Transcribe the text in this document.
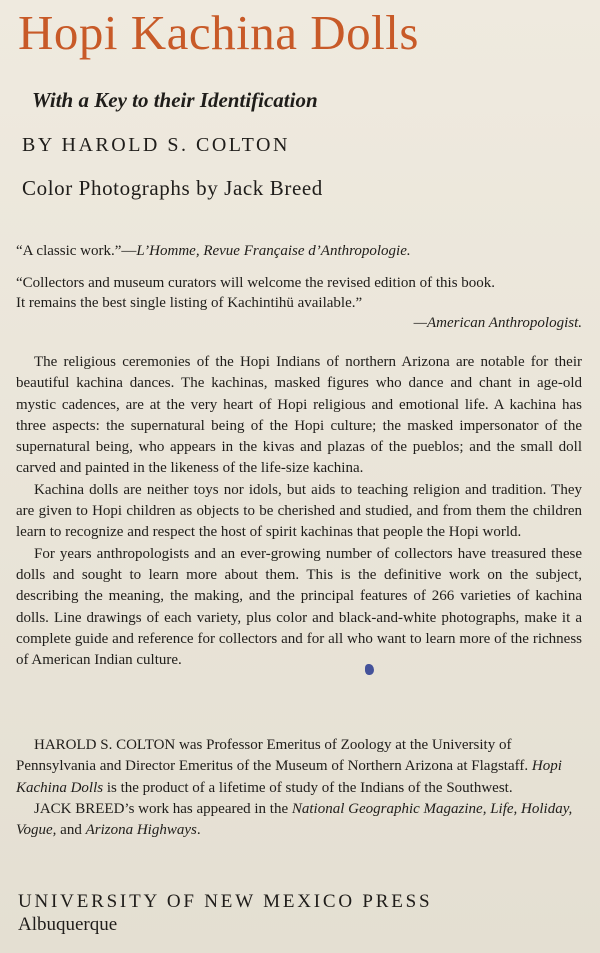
Hopi Kachina Dolls
With a Key to their Identification
BY HAROLD S. COLTON
Color Photographs by Jack Breed
“A classic work.”—L’Homme, Revue Française d’Anthropologie.
“Collectors and museum curators will welcome the revised edition of this book.
It remains the best single listing of Kachintihü available.”
—American Anthropologist.

The religious ceremonies of the Hopi Indians of northern Arizona are notable for their beautiful kachina dances. The kachinas, masked figures who dance and chant in age-old mystic cadences, are at the very heart of Hopi religious and emotional life. A kachina has three aspects: the supernatural being of the Hopi culture; the masked impersonator of the supernatural being, who appears in the kivas and plazas of the pueblos; and the small doll carved and painted in the likeness of the life-size kachina.

Kachina dolls are neither toys nor idols, but aids to teaching religion and tradition. They are given to Hopi children as objects to be cherished and studied, and from them the children learn to recognize and respect the host of spirit kachinas that people the Hopi world.

For years anthropologists and an ever-growing number of collectors have treasured these dolls and sought to learn more about them. This is the definitive work on the subject, describing the meaning, the making, and the principal features of 266 varieties of kachina dolls. Line drawings of each variety, plus color and black-and-white photographs, make it a complete guide and reference for collectors and for all who want to learn more of the richness of American Indian culture.

HAROLD S. COLTON was Professor Emeritus of Zoology at the University of Pennsylvania and Director Emeritus of the Museum of Northern Arizona at Flagstaff. Hopi Kachina Dolls is the product of a lifetime of study of the Indians of the Southwest.

JACK BREED’s work has appeared in the National Geographic Magazine, Life, Holiday, Vogue, and Arizona Highways.

UNIVERSITY OF NEW MEXICO PRESS
Albuquerque
